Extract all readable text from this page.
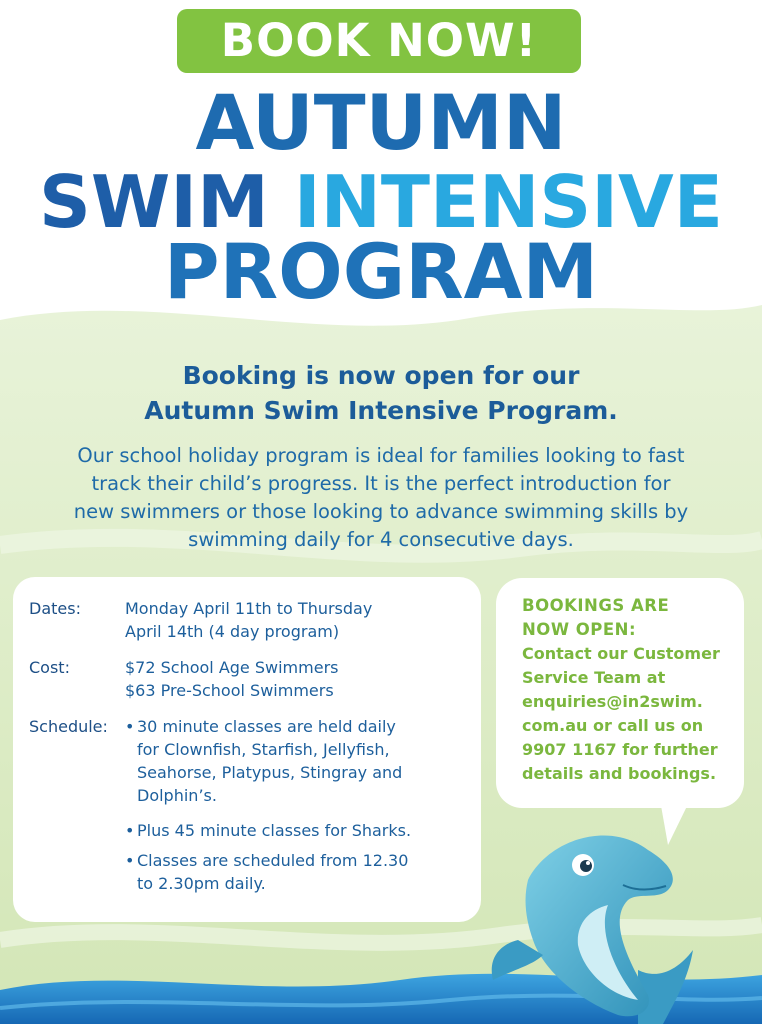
BOOK NOW!
AUTUMN
SWIM INTENSIVE
PROGRAM
Booking is now open for our
Autumn Swim Intensive Program.
Our school holiday program is ideal for families looking to fast
track their child’s progress. It is the perfect introduction for
new swimmers or those looking to advance swimming skills by
swimming daily for 4 consecutive days.
Dates:	Monday April 11th to Thursday
April 14th (4 day program)
Cost:	$72 School Age Swimmers
$63 Pre-School Swimmers
Schedule: • 30 minute classes are held daily
for Clownfish, Starfish, Jellyfish,
Seahorse, Platypus, Stingray and
Dolphin’s.
• Plus 45 minute classes for Sharks.
• Classes are scheduled from 12.30
to 2.30pm daily.
BOOKINGS ARE
NOW OPEN:
Contact our Customer
Service Team at
enquiries@in2swim.
com.au or call us on
9907 1167 for further
details and bookings.
